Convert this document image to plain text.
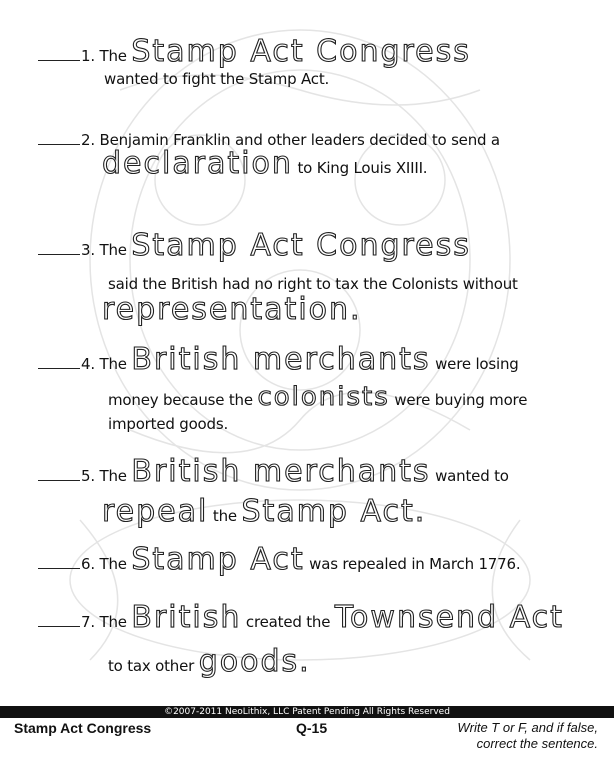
1. The Stamp Act Congress
wanted to fight the Stamp Act.
2. Benjamin Franklin and other leaders decided to send a
declaration to King Louis XIIII.
3. The Stamp Act Congress
said the British had no right to tax the Colonists without
representation.
4. The British merchants were losing
money because the colonists were buying more
imported goods.
5. The British merchants wanted to
repeal the Stamp Act.
6. The Stamp Act was repealed in March 1776.
7. The British created the Townsend Act
to tax other goods.
©2007-2011 NeoLithix, LLC Patent Pending All Rights Reserved
Stamp Act Congress	Q-15	Write T or F, and if false,
correct the sentence.
